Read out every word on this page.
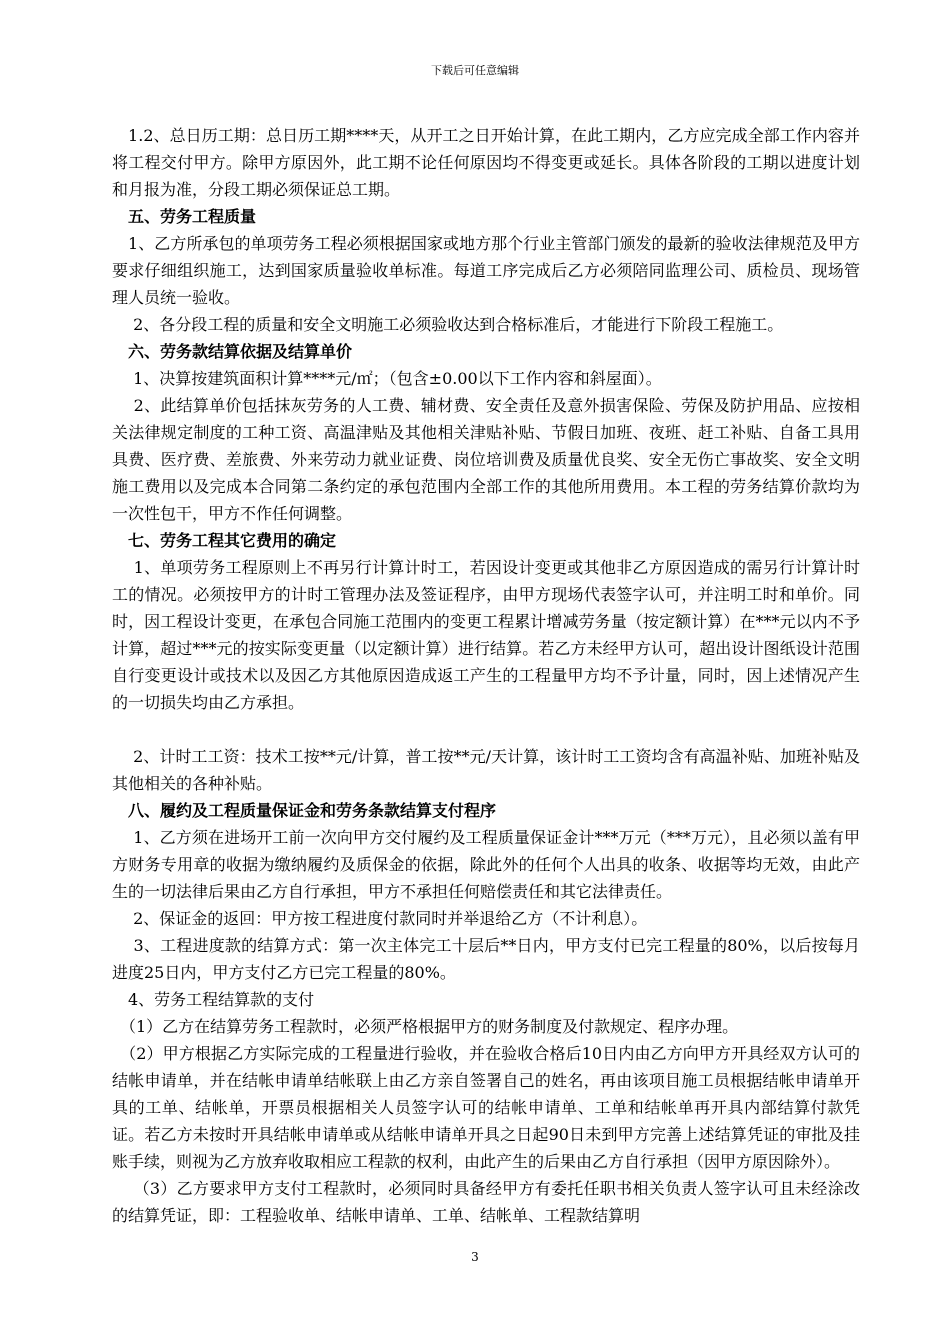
下载后可任意编辑

　1.2、总日历工期：总日历工期****天，从开工之日开始计算，在此工期内，乙方应完成全部工作内容并将工程交付甲方。除甲方原因外，此工期不论任何原因均不得变更或延长。具体各阶段的工期以进度计划和月报为准，分段工期必须保证总工期。

　五、劳务工程质量

　1、乙方所承包的单项劳务工程必须根据国家或地方那个行业主管部门颁发的最新的验收法律规范及甲方要求仔细组织施工，达到国家质量验收单标准。每道工序完成后乙方必须陪同监理公司、质检员、现场管理人员统一验收。

　 2、各分段工程的质量和安全文明施工必须验收达到合格标准后，才能进行下阶段工程施工。

　六、劳务款结算依据及结算单价

　 1、决算按建筑面积计算****元/㎡；（包含±0.00以下工作内容和斜屋面）。

　 2、此结算单价包括抹灰劳务的人工费、辅材费、安全责任及意外损害保险、劳保及防护用品、应按相关法律规定制度的工种工资、高温津贴及其他相关津贴补贴、节假日加班、夜班、赶工补贴、自备工具用具费、医疗费、差旅费、外来劳动力就业证费、岗位培训费及质量优良奖、安全无伤亡事故奖、安全文明施工费用以及完成本合同第二条约定的承包范围内全部工作的其他所用费用。本工程的劳务结算价款均为一次性包干，甲方不作任何调整。

　七、劳务工程其它费用的确定

　 1、单项劳务工程原则上不再另行计算计时工，若因设计变更或其他非乙方原因造成的需另行计算计时工的情况。必须按甲方的计时工管理办法及签证程序，由甲方现场代表签字认可，并注明工时和单价。同时，因工程设计变更，在承包合同施工范围内的变更工程累计增减劳务量（按定额计算）在***元以内不予计算，超过***元的按实际变更量（以定额计算）进行结算。若乙方未经甲方认可，超出设计图纸设计范围自行变更设计或技术以及因乙方其他原因造成返工产生的工程量甲方均不予计量，同时，因上述情况产生的一切损失均由乙方承担。

　 2、计时工工资：技术工按**元/计算，普工按**元/天计算，该计时工工资均含有高温补贴、加班补贴及其他相关的各种补贴。

　八、履约及工程质量保证金和劳务条款结算支付程序

　 1、乙方须在进场开工前一次向甲方交付履约及工程质量保证金计***万元（***万元），且必须以盖有甲方财务专用章的收据为缴纳履约及质保金的依据，除此外的任何个人出具的收条、收据等均无效，由此产生的一切法律后果由乙方自行承担，甲方不承担任何赔偿责任和其它法律责任。

　 2、保证金的返回：甲方按工程进度付款同时并举退给乙方（不计利息）。

　 3、工程进度款的结算方式：第一次主体完工十层后**日内，甲方支付已完工程量的80%，以后按每月进度25日内，甲方支付乙方已完工程量的80%。

　4、劳务工程结算款的支付

　（1）乙方在结算劳务工程款时，必须严格根据甲方的财务制度及付款规定、程序办理。

　（2）甲方根据乙方实际完成的工程量进行验收，并在验收合格后10日内由乙方向甲方开具经双方认可的结帐申请单，并在结帐申请单结帐联上由乙方亲自签署自己的姓名，再由该项目施工员根据结帐申请单开具的工单、结帐单，开票员根据相关人员签字认可的结帐申请单、工单和结帐单再开具内部结算付款凭证。若乙方未按时开具结帐申请单或从结帐申请单开具之日起90日未到甲方完善上述结算凭证的审批及挂账手续，则视为乙方放弃收取相应工程款的权利，由此产生的后果由乙方自行承担（因甲方原因除外）。

　 （3）乙方要求甲方支付工程款时，必须同时具备经甲方有委托任职书相关负责人签字认可且未经涂改的结算凭证，即：工程验收单、结帐申请单、工单、结帐单、工程款结算明

3
